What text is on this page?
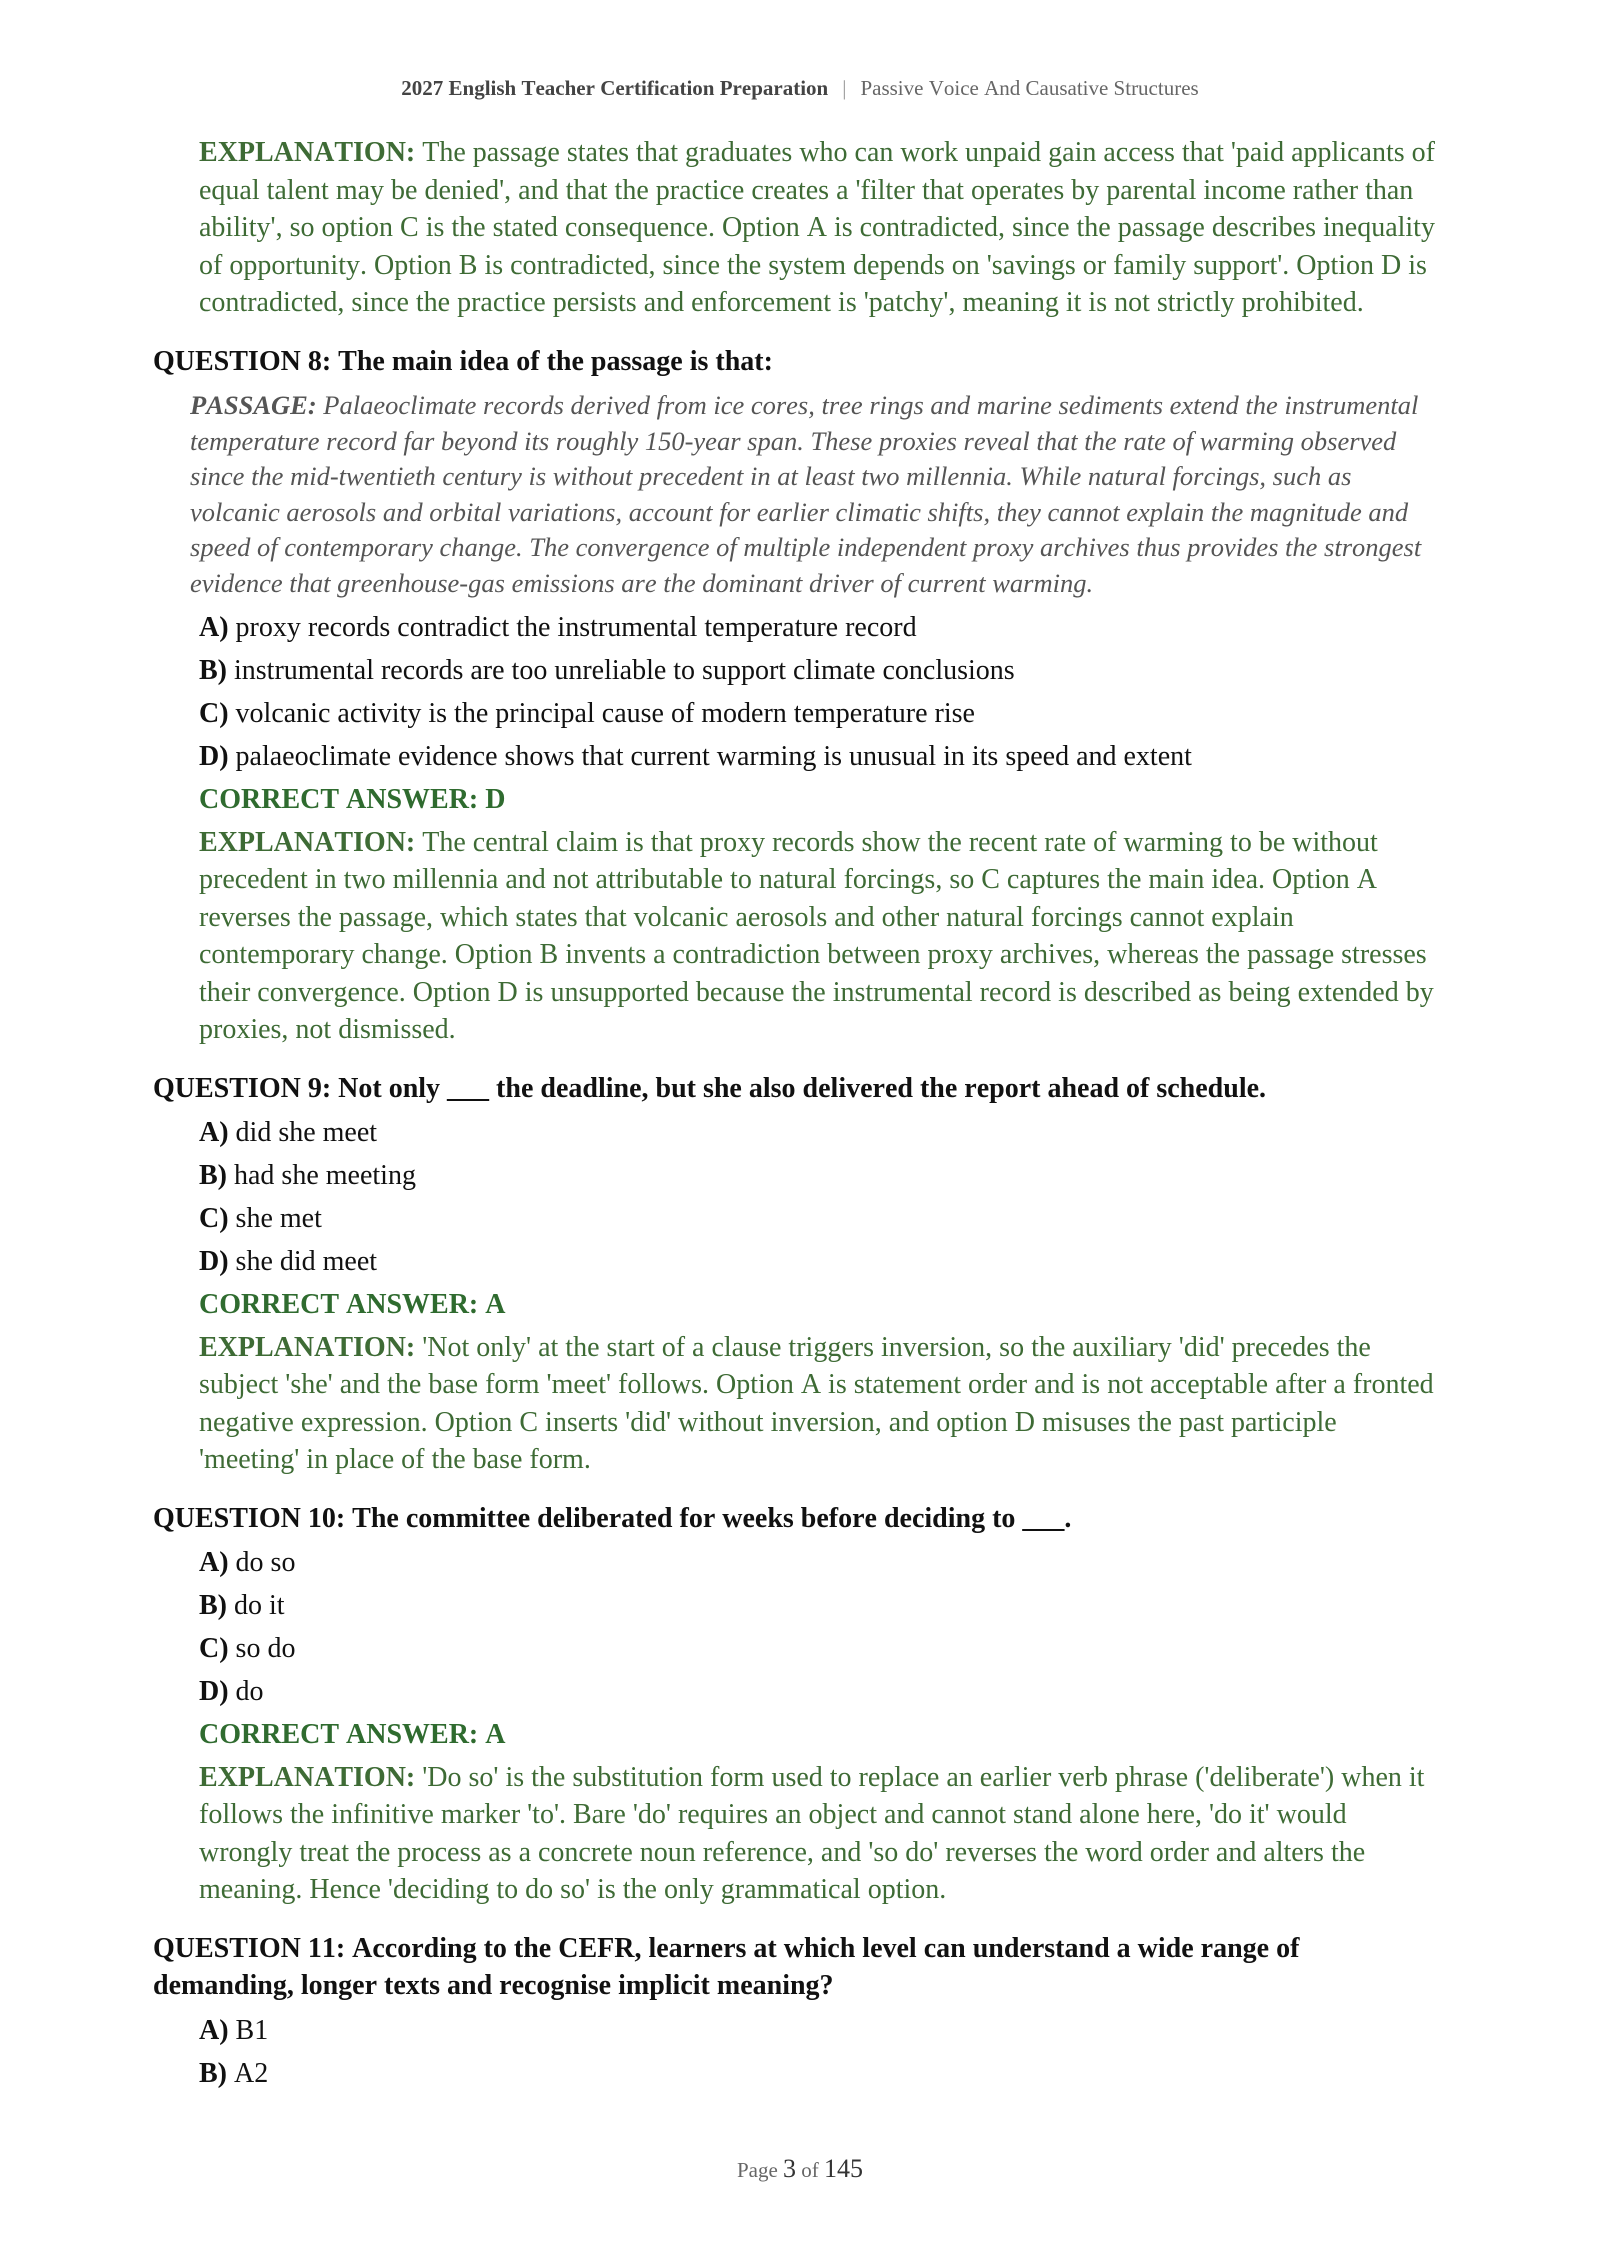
2027 English Teacher Certification Preparation | Passive Voice And Causative Structures
EXPLANATION: The passage states that graduates who can work unpaid gain access that 'paid applicants of
equal talent may be denied', and that the practice creates a 'filter that operates by parental income rather than
ability', so option C is the stated consequence. Option A is contradicted, since the passage describes inequality
of opportunity. Option B is contradicted, since the system depends on 'savings or family support'. Option D is
contradicted, since the practice persists and enforcement is 'patchy', meaning it is not strictly prohibited.
QUESTION 8: The main idea of the passage is that:
PASSAGE: Palaeoclimate records derived from ice cores, tree rings and marine sediments extend the instrumental
temperature record far beyond its roughly 150-year span. These proxies reveal that the rate of warming observed
since the mid-twentieth century is without precedent in at least two millennia. While natural forcings, such as
volcanic aerosols and orbital variations, account for earlier climatic shifts, they cannot explain the magnitude and
speed of contemporary change. The convergence of multiple independent proxy archives thus provides the strongest
evidence that greenhouse-gas emissions are the dominant driver of current warming.
A) proxy records contradict the instrumental temperature record
B) instrumental records are too unreliable to support climate conclusions
C) volcanic activity is the principal cause of modern temperature rise
D) palaeoclimate evidence shows that current warming is unusual in its speed and extent
CORRECT ANSWER: D
EXPLANATION: The central claim is that proxy records show the recent rate of warming to be without
precedent in two millennia and not attributable to natural forcings, so C captures the main idea. Option A
reverses the passage, which states that volcanic aerosols and other natural forcings cannot explain
contemporary change. Option B invents a contradiction between proxy archives, whereas the passage stresses
their convergence. Option D is unsupported because the instrumental record is described as being extended by
proxies, not dismissed.
QUESTION 9: Not only ___ the deadline, but she also delivered the report ahead of schedule.
A) did she meet
B) had she meeting
C) she met
D) she did meet
CORRECT ANSWER: A
EXPLANATION: 'Not only' at the start of a clause triggers inversion, so the auxiliary 'did' precedes the
subject 'she' and the base form 'meet' follows. Option A is statement order and is not acceptable after a fronted
negative expression. Option C inserts 'did' without inversion, and option D misuses the past participle
'meeting' in place of the base form.
QUESTION 10: The committee deliberated for weeks before deciding to ___.
A) do so
B) do it
C) so do
D) do
CORRECT ANSWER: A
EXPLANATION: 'Do so' is the substitution form used to replace an earlier verb phrase ('deliberate') when it
follows the infinitive marker 'to'. Bare 'do' requires an object and cannot stand alone here, 'do it' would
wrongly treat the process as a concrete noun reference, and 'so do' reverses the word order and alters the
meaning. Hence 'deciding to do so' is the only grammatical option.
QUESTION 11: According to the CEFR, learners at which level can understand a wide range of
demanding, longer texts and recognise implicit meaning?
A) B1
B) A2
Page 3 of 145
